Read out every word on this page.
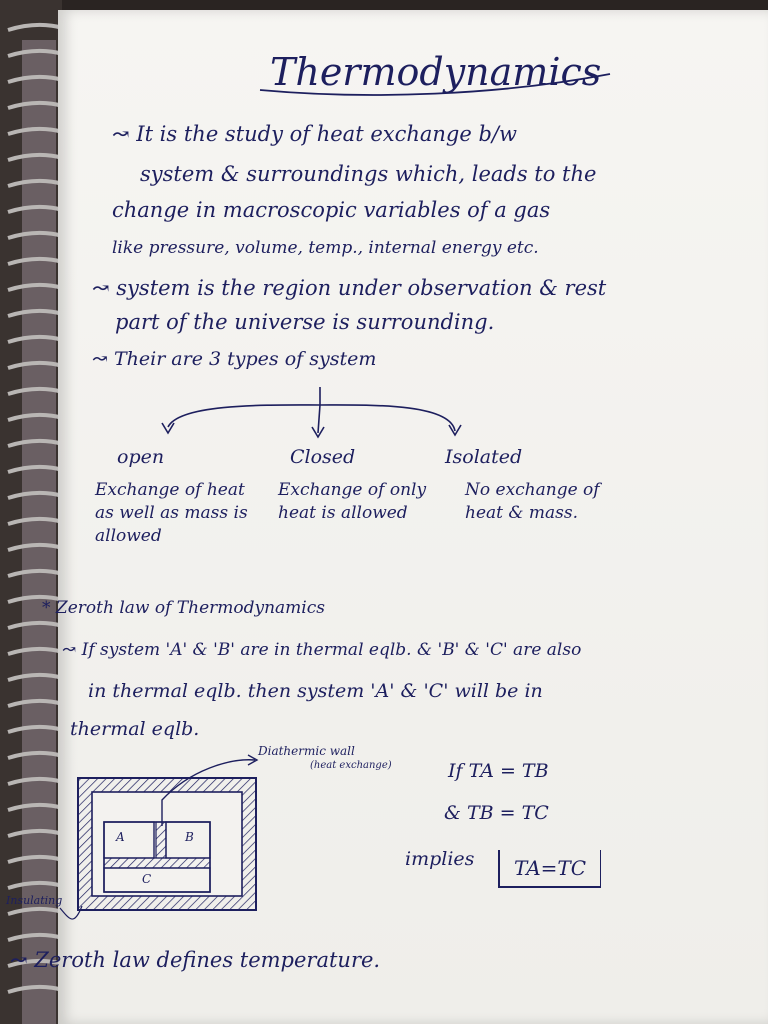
Thermodynamics
↝ It is the study of heat exchange b/w
system & surroundings which, leads to the
change in macroscopic variables of a gas
like pressure, volume, temp., internal energy etc.
↝ system is the region under observation & rest
part of the universe is surrounding.
↝ Their are 3 types of system
open
Exchange of heat as well as mass is allowed
Closed
Exchange of only heat is allowed
Isolated
No exchange of heat & mass.
* Zeroth law of Thermodynamics
↝ If system 'A' & 'B' are in thermal eqlb. & 'B' & 'C' are also
in thermal eqlb. then system 'A' & 'C' will be in
thermal eqlb.
A	B
C
Diathermic wall
(heat exchange)
Insulating
If TA = TB
& TB = TC
implies	TA=TC
↝ Zeroth law defines temperature.
